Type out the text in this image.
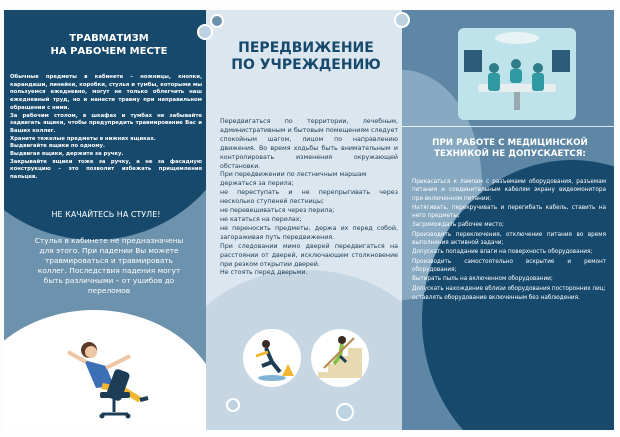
ТРАВМАТИЗМ
НА РАБОЧЕМ МЕСТЕ
Обычные предметы в кабинете – ножницы, кнопки, карандаши, линейки, коробки, стулья и тумбы, которыми мы пользуемся ежедневно, могут не только облегчить наш ежедневный труд, но и нанести травму при неправильном обращении с ними.
За рабочим столом, в шкафах и тумбах не забывайте задвигать ящики, чтобы предупредить травмирование Вас и Ваших коллег.
Храните тяжелые предметы в нижних ящиках.
Выдвигайте ящики по одному.
Выдвигая ящики, держите за ручку.
Закрывайте ящики тоже за ручку, а не за фасадную конструкцию – это позволит избежать прищемления пальцев.
НЕ КАЧАЙТЕСЬ НА СТУЛЕ!
Стулья в кабинете не предназначены для этого. При падении Вы можете травмироваться и травмировать коллег. Последствия падения могут быть различными – от ушибов до переломов
ПЕРЕДВИЖЕНИЕ
ПО УЧРЕЖДЕНИЮ
Передвигаться по территории, лечебным, административным и бытовым помещениям следует спокойным шагом, лицом по направлению движения. Во время ходьбы быть внимательным и контролировать изменения окружающей обстановки.
При передвижении по лестничным маршам
держаться за перила;
не переступать и не перепрыгивать через несколько ступеней лестницы;
не перевешиваться через перила;
не кататься на перилах;
не переносить предметы, держа их перед собой, загораживая путь передвижения.
При следовании мимо дверей передвигаться на расстоянии от дверей, исключающем столкновение при резком открытии дверей.
Не стоять перед дверьми.
ПРИ РАБОТЕ С МЕДИЦИНСКОЙ ТЕХНИКОЙ НЕ ДОПУСКАЕТСЯ:
Прикасаться к лампам с разъемами оборудования, разъемам питания и соединительным кабелям экрану видеомонитора при включенном питании;
Натягивать, перекручивать и перегибать кабель, ставить на него предметы;
Загромождать рабочее место;
Производить переключения, отключение питания во время выполнения активной задачи;
Допускать попадание влаги на поверхность оборудования;
Производить самостоятельно вскрытие и ремонт оборудования;
Вытирать пыль на включенном оборудовании;
Допускать нахождение вблизи оборудования посторонних лиц;
оставлять оборудование включенным без наблюдения.
